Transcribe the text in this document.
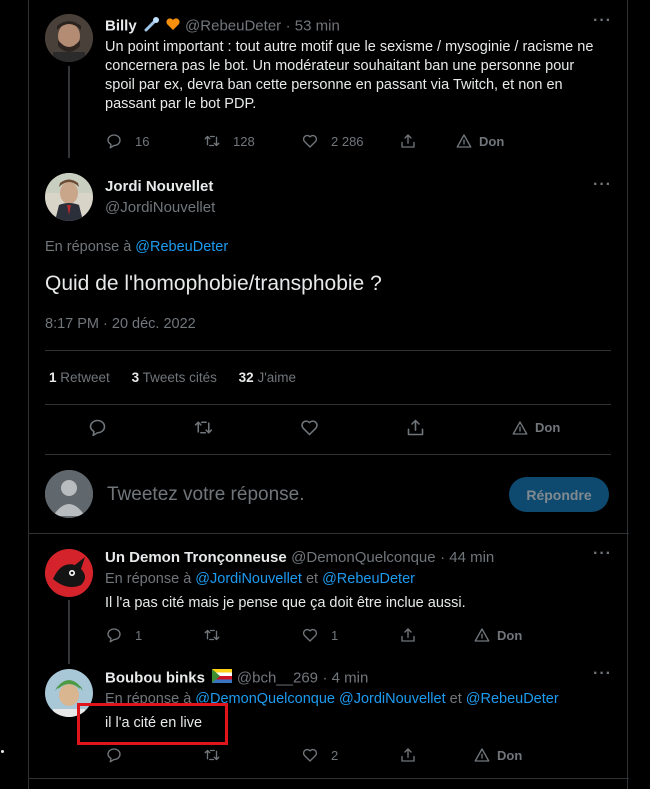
Billy	@RebeuDeter · 53 min	···
Un point important : tout autre motif que le sexisme / mysoginie / racisme ne concernera pas le bot. Un modérateur souhaitant ban une personne pour spoil par ex, devra ban cette personne en passant via Twitch, et non en passant par le bot PDP.
16	128	2 286	Don
Jordi Nouvellet
@JordiNouvellet
···
En réponse à @RebeuDeter
Quid de l'homophobie/transphobie ?
8:17 PM · 20 déc. 2022
1 Retweet 3 Tweets cités 32 J'aime
Don
Tweetez votre réponse.	Répondre
Un Demon Tronçonneuse @DemonQuelconque · 44 min	···
En réponse à @JordiNouvellet et @RebeuDeter
Il l'a pas cité mais je pense que ça doit être inclue aussi.
1	1	Don
Boubou binks @bch__269 · 4 min	···
En réponse à @DemonQuelconque @JordiNouvellet et @RebeuDeter
il l'a cité en live
2	Don
